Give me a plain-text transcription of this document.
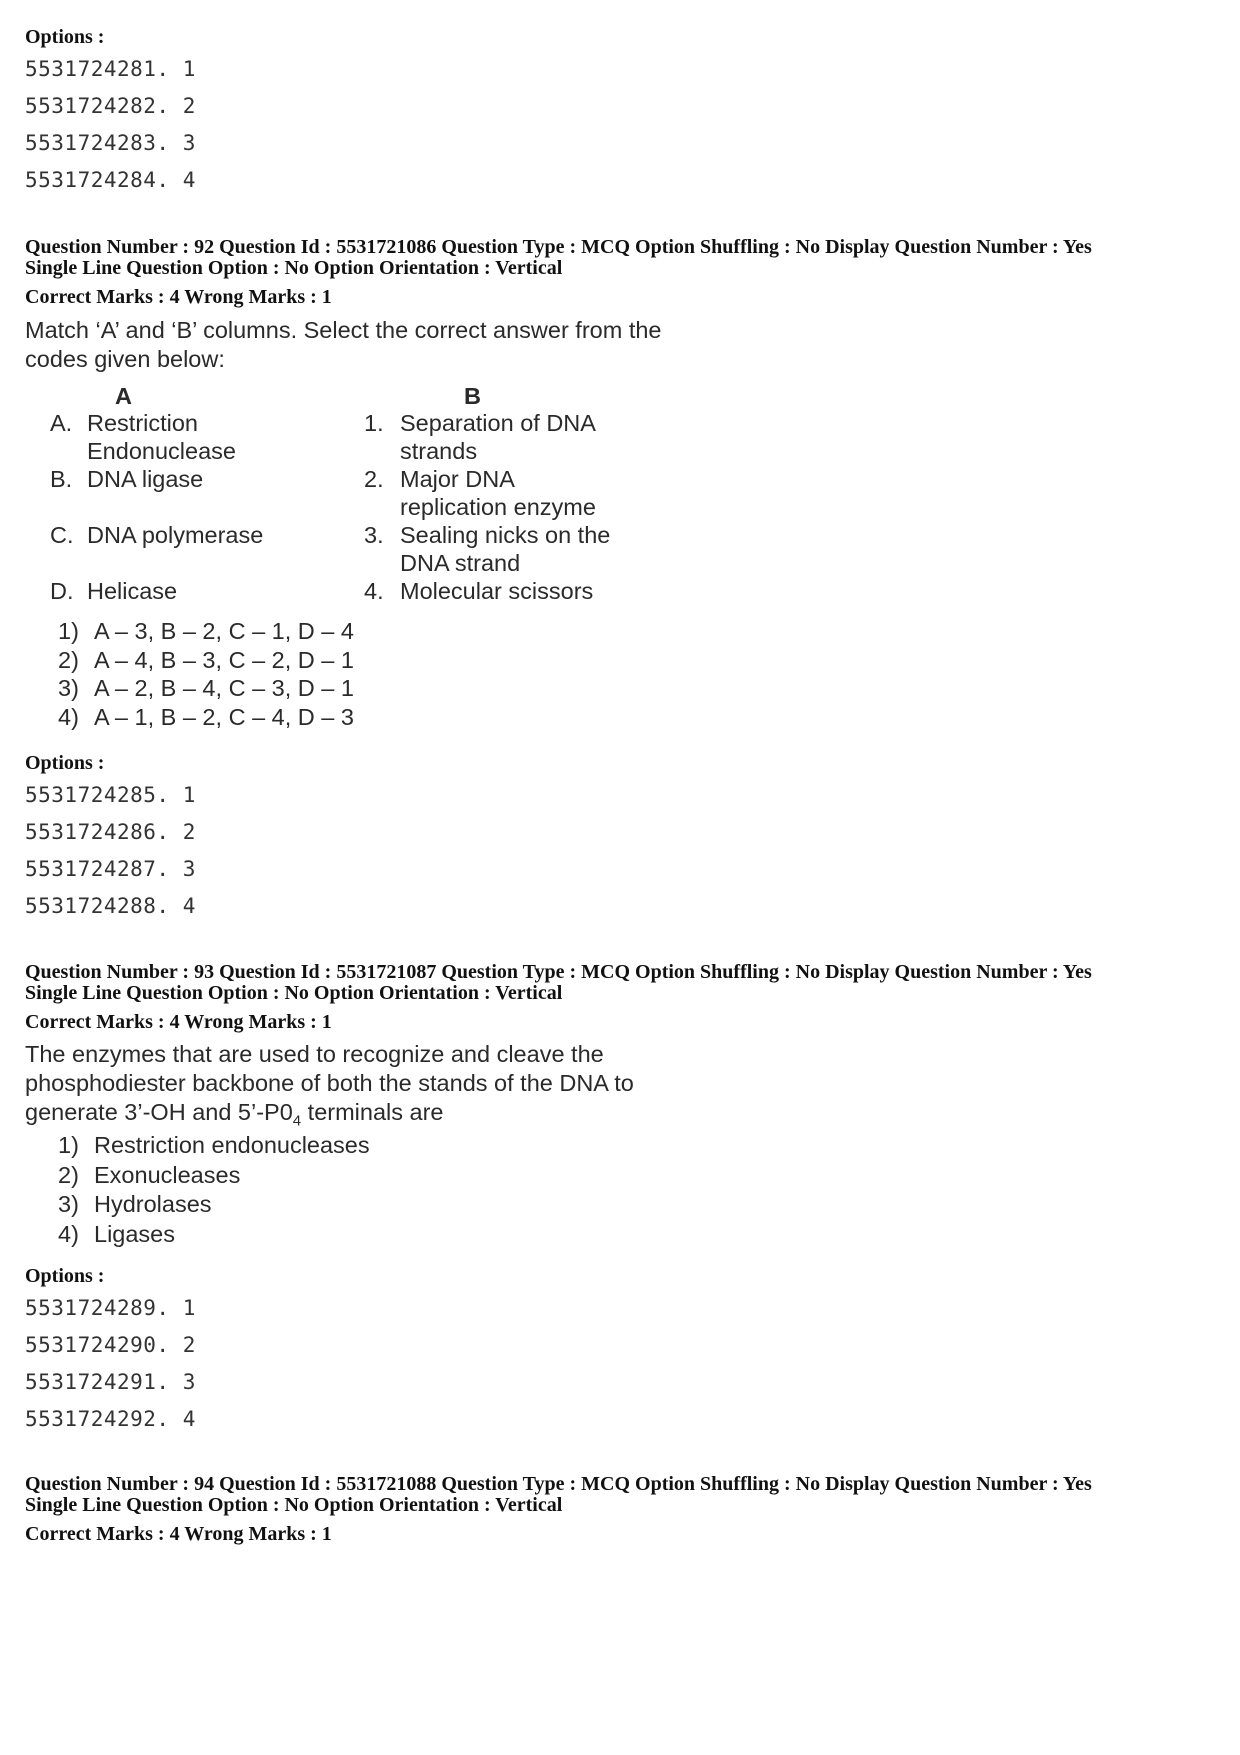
Options :
5531724281. 1
5531724282. 2
5531724283. 3
5531724284. 4
Question Number : 92 Question Id : 5531721086 Question Type : MCQ Option Shuffling : No Display Question Number : Yes
Single Line Question Option : No Option Orientation : Vertical
Correct Marks : 4 Wrong Marks : 1

Match ‘A’ and ‘B’ columns. Select the correct answer from the

codes given below:

A	B
A. Restriction
Endonuclease
B. DNA ligase
C. DNA polymerase
D. Helicase
1. Separation of DNA
strands
2. Major DNA
replication enzyme
3. Sealing nicks on the
DNA strand
4. Molecular scissors
1) A – 3, B – 2, C – 1, D – 4
2) A – 4, B – 3, C – 2, D – 1
3) A – 2, B – 4, C – 3, D – 1
4) A – 1, B – 2, C – 4, D – 3
Options :
5531724285. 1
5531724286. 2
5531724287. 3
5531724288. 4
Question Number : 93 Question Id : 5531721087 Question Type : MCQ Option Shuffling : No Display Question Number : Yes
Single Line Question Option : No Option Orientation : Vertical
Correct Marks : 4 Wrong Marks : 1

The enzymes that are used to recognize and cleave the

phosphodiester backbone of both the stands of the DNA to

generate 3’-OH and $5’-P0_4$ terminals are

1) Restriction endonucleases
2) Exonucleases
3) Hydrolases
4) Ligases
Options :
5531724289. 1
5531724290. 2
5531724291. 3
5531724292. 4
Question Number : 94 Question Id : 5531721088 Question Type : MCQ Option Shuffling : No Display Question Number : Yes
Single Line Question Option : No Option Orientation : Vertical
Correct Marks : 4 Wrong Marks : 1
